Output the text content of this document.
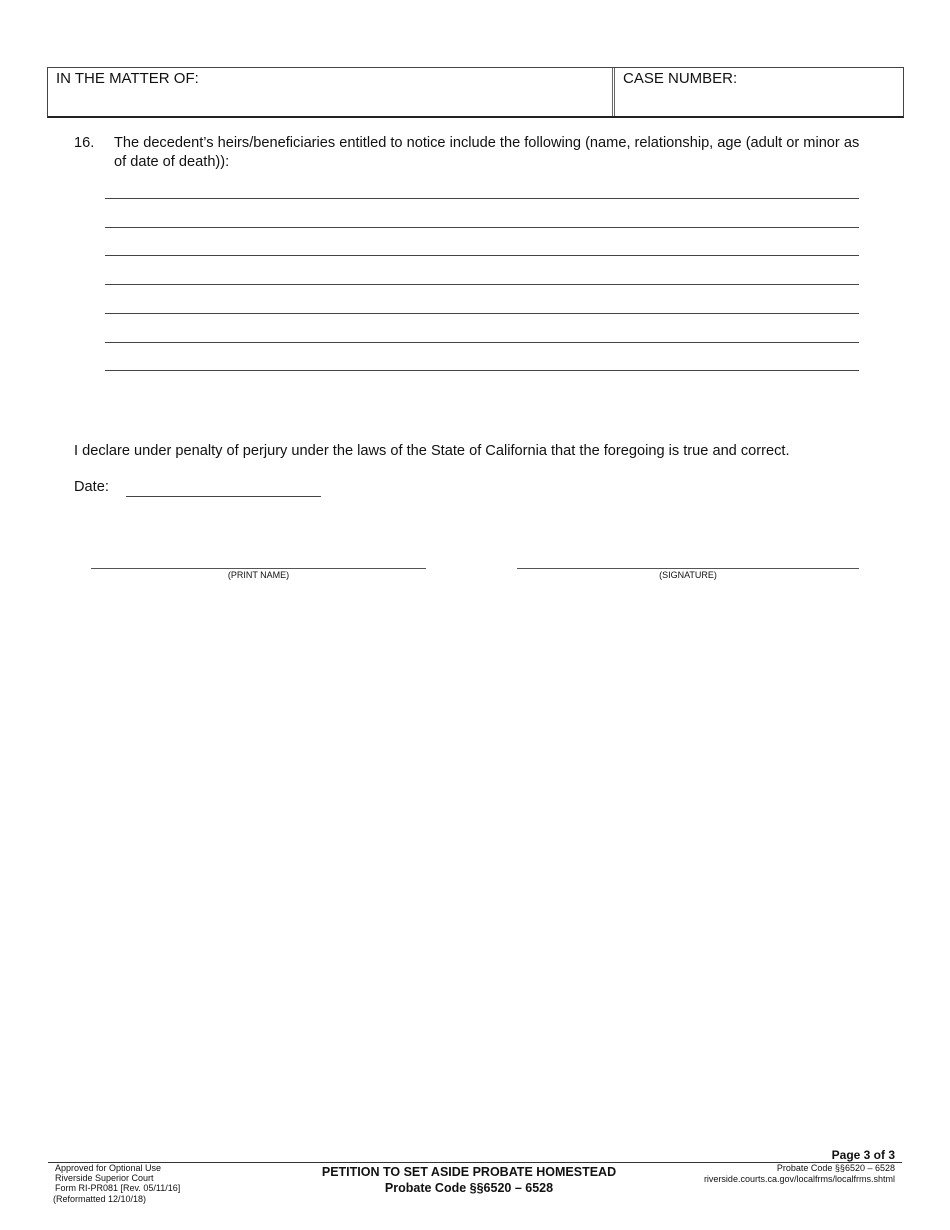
IN THE MATTER OF:	CASE NUMBER:
16. The decedent’s heirs/beneficiaries entitled to notice include the following (name, relationship, age (adult or minor as of date of death)):
I declare under penalty of perjury under the laws of the State of California that the foregoing is true and correct.
Date:
(PRINT NAME)	(SIGNATURE)
Page 3 of 3
Approved for Optional Use
Riverside Superior Court
Form RI-PR081 [Rev. 05/11/16]
(Reformatted 12/10/18)
PETITION TO SET ASIDE PROBATE HOMESTEAD
Probate Code §§6520 – 6528
Probate Code §§6520 – 6528
riverside.courts.ca.gov/localfrms/localfrms.shtml
